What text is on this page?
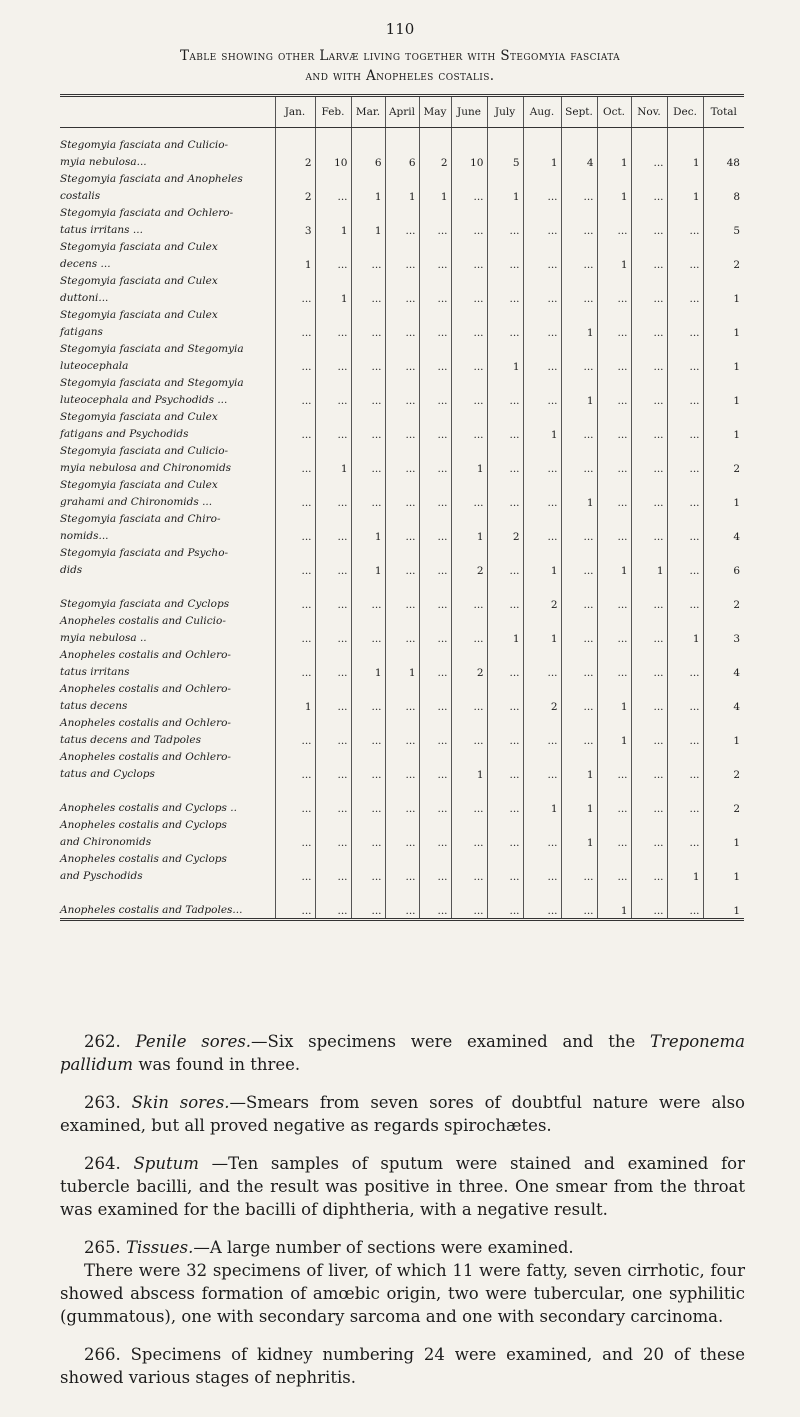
110
Table showing other Larvæ living together with Stegomyia fasciata
and with Anopheles costalis.
	Jan.	Feb.	Mar.	April	May	June	July	Aug.	Sept.	Oct.	Nov.	Dec.	Total

Stegomyia fasciata and Culicio-
myia nebulosa...	2	10	6	6	2	10	5	1	4	1	...	1	48

Stegomyia fasciata and Anopheles
costalis	2	...	1	1	1	...	1	...	...	1	...	1	8

Stegomyia fasciata and Ochlero-
tatus irritans ...	3	1	1	...	...	...	...	...	...	...	...	...	5

Stegomyia fasciata and Culex
decens ...	1	...	...	...	...	...	...	...	...	1	...	...	2

Stegomyia fasciata and Culex
duttoni...	...	1	...	...	...	...	...	...	...	...	...	...	1

Stegomyia fasciata and Culex
fatigans	...	...	...	...	...	...	...	...	1	...	...	...	1

Stegomyia fasciata and Stegomyia
luteocephala	...	...	...	...	...	...	1	...	...	...	...	...	1

Stegomyia fasciata and Stegomyia
luteocephala and Psychodids ...	...	...	...	...	...	...	...	...	1	...	...	...	1

Stegomyia fasciata and Culex
fatigans and Psychodids	...	...	...	...	...	...	...	1	...	...	...	...	1

Stegomyia fasciata and Culicio-
myia nebulosa and Chironomids	...	1	...	...	...	1	...	...	...	...	...	...	2

Stegomyia fasciata and Culex
grahami and Chironomids ...	...	...	...	...	...	...	...	...	1	...	...	...	1

Stegomyia fasciata and Chiro-
nomids...	...	...	1	...	...	1	2	...	...	...	...	...	4

Stegomyia fasciata and Psycho-
dids	...	...	1	...	...	2	...	1	...	1	1	...	6

Stegomyia fasciata and Cyclops	...	...	...	...	...	...	...	2	...	...	...	...	2

Anopheles costalis and Culicio-
myia nebulosa ..	...	...	...	...	...	...	1	1	...	...	...	1	3

Anopheles costalis and Ochlero-
tatus irritans	...	...	1	1	...	2	...	...	...	...	...	...	4

Anopheles costalis and Ochlero-
tatus decens	1	...	...	...	...	...	...	2	...	1	...	...	4

Anopheles costalis and Ochlero-
tatus decens and Tadpoles	...	...	...	...	...	...	...	...	...	1	...	...	1

Anopheles costalis and Ochlero-
tatus and Cyclops	...	...	...	...	...	1	...	...	1	...	...	...	2

Anopheles costalis and Cyclops ..	...	...	...	...	...	...	...	1	1	...	...	...	2

Anopheles costalis and Cyclops
and Chironomids	...	...	...	...	...	...	...	...	1	...	...	...	1

Anopheles costalis and Cyclops
and Pyschodids	...	...	...	...	...	...	...	...	...	...	...	1	1

Anopheles costalis and Tadpoles...	...	...	...	...	...	...	...	...	...	1	...	...	1

262. Penile sores.—Six specimens were examined and the Treponema pallidum was found in three.

263. Skin sores.—Smears from seven sores of doubtful nature were also examined, but all proved negative as regards spirochætes.

264. Sputum —Ten samples of sputum were stained and examined for tubercle bacilli, and the result was positive in three. One smear from the throat was examined for the bacilli of diphtheria, with a negative result.

265. Tissues.—A large number of sections were examined.

There were 32 specimens of liver, of which 11 were fatty, seven cirrhotic, four showed abscess formation of amœbic origin, two were tubercular, one syphilitic (gummatous), one with secondary sarcoma and one with secondary carcinoma.

266. Specimens of kidney numbering 24 were examined, and 20 of these showed various stages of nephritis.
